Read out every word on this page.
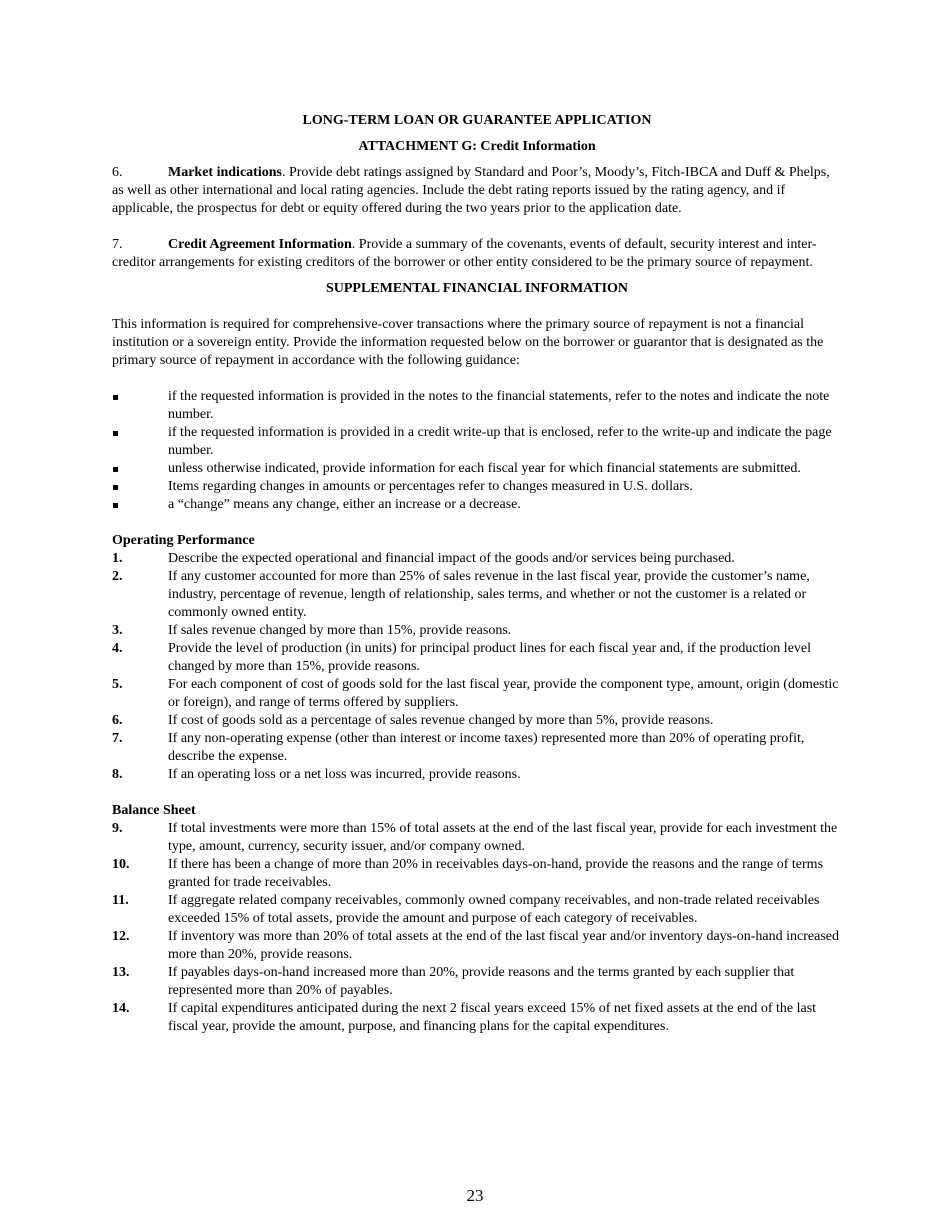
LONG-TERM LOAN OR GUARANTEE APPLICATION
ATTACHMENT G: Credit Information

6.	Market indications. Provide debt ratings assigned by Standard and Poor’s, Moody’s, Fitch-IBCA and Duff & Phelps, as well as other international and local rating agencies. Include the debt rating reports issued by the rating agency, and if applicable, the prospectus for debt or equity offered during the two years prior to the application date.

7.	Credit Agreement Information. Provide a summary of the covenants, events of default, security interest and inter-creditor arrangements for existing creditors of the borrower or other entity considered to be the primary source of repayment.

SUPPLEMENTAL FINANCIAL INFORMATION

This information is required for comprehensive-cover transactions where the primary source of repayment is not a financial institution or a sovereign entity. Provide the information requested below on the borrower or guarantor that is designated as the primary source of repayment in accordance with the following guidance:

if the requested information is provided in the notes to the financial statements, refer to the notes and indicate the note number.
if the requested information is provided in a credit write-up that is enclosed, refer to the write-up and indicate the page number.
unless otherwise indicated, provide information for each fiscal year for which financial statements are submitted.
Items regarding changes in amounts or percentages refer to changes measured in U.S. dollars.
a “change” means any change, either an increase or a decrease.
Operating Performance
1.	Describe the expected operational and financial impact of the goods and/or services being purchased.
2.	If any customer accounted for more than 25% of sales revenue in the last fiscal year, provide the customer’s name, industry, percentage of revenue, length of relationship, sales terms, and whether or not the customer is a related or commonly owned entity.
3.	If sales revenue changed by more than 15%, provide reasons.
4.	Provide the level of production (in units) for principal product lines for each fiscal year and, if the production level changed by more than 15%, provide reasons.
5.	For each component of cost of goods sold for the last fiscal year, provide the component type, amount, origin (domestic or foreign), and range of terms offered by suppliers.
6.	If cost of goods sold as a percentage of sales revenue changed by more than 5%, provide reasons.
7.	If any non-operating expense (other than interest or income taxes) represented more than 20% of operating profit, describe the expense.
8.	If an operating loss or a net loss was incurred, provide reasons.
Balance Sheet
9.	If total investments were more than 15% of total assets at the end of the last fiscal year, provide for each investment the type, amount, currency, security issuer, and/or company owned.
10.	If there has been a change of more than 20% in receivables days-on-hand, provide the reasons and the range of terms granted for trade receivables.
11.	If aggregate related company receivables, commonly owned company receivables, and non-trade related receivables exceeded 15% of total assets, provide the amount and purpose of each category of receivables.
12.	If inventory was more than 20% of total assets at the end of the last fiscal year and/or inventory days-on-hand increased more than 20%, provide reasons.
13.	If payables days-on-hand increased more than 20%, provide reasons and the terms granted by each supplier that represented more than 20% of payables.
14.	If capital expenditures anticipated during the next 2 fiscal years exceed 15% of net fixed assets at the end of the last fiscal year, provide the amount, purpose, and financing plans for the capital expenditures.
23
